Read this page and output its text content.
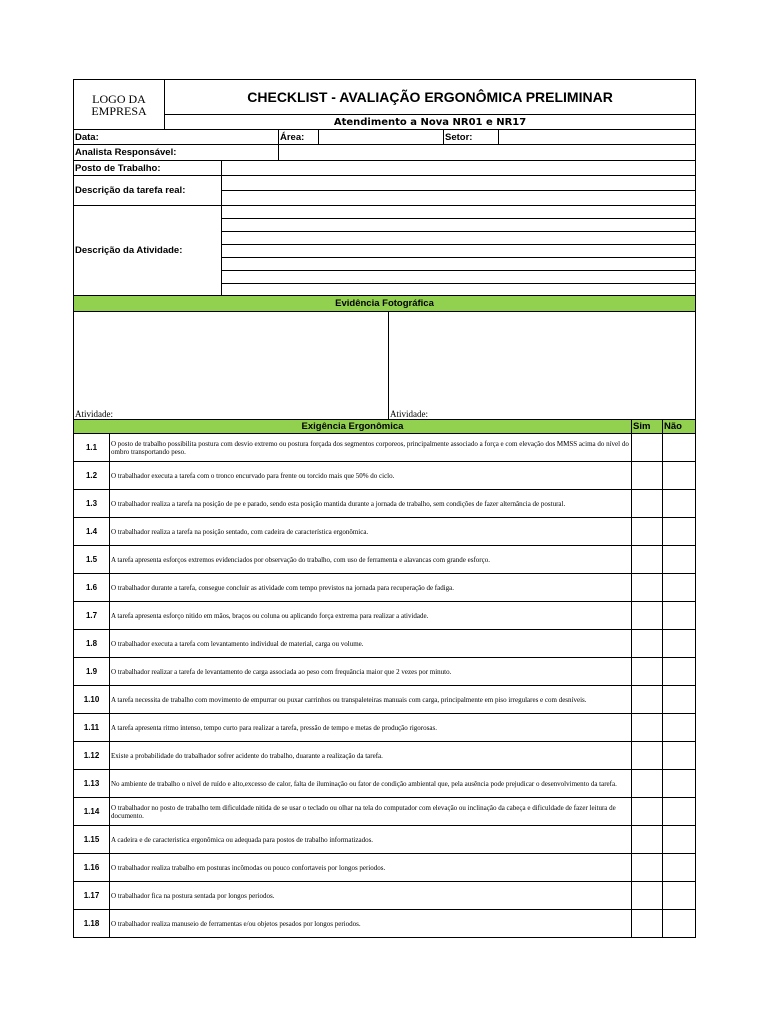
LOGO DA
EMPRESA	CHECKLIST - AVALIAÇÃO ERGONÔMICA PRELIMINAR				
	Atendimento a Nova NR01 e NR17				
Data:		Área:		Setor:	
Analista Responsável:					
Posto de Trabalho:	
Descrição da tarefa real:	

Descrição da Atividade:	

Evidência Fotográfica
Atividade:	Atividade:
Exigência Ergonômica		Sim	Não
1.1	O posto de trabalho possibilita postura com desvio extremo ou postura forçada dos segmentos corporeos, principalmente associado a força e com elevação dos MMSS acima do nível do ombro transportando peso.		
1.2	O trabalhador executa a tarefa com o tronco encurvado para frente ou torcido mais que 50% do ciclo.		
1.3	O trabalhador realiza a tarefa na posição de pe e parado, sendo esta posição mantida durante a jornada de trabalho, sem condições de fazer alternância de postural.		
1.4	O trabalhador realiza a tarefa na posição sentado, com cadeira de característica ergonômica.		
1.5	A tarefa apresenta esforços extremos evidenciados por observação do trabalho, com uso de ferramenta e alavancas com grande esforço.		
1.6	O trabalhador durante a tarefa, consegue concluir as atividade com tempo previstos na jornada para recuperação de fadiga.		
1.7	A tarefa apresenta esforço nitido em mãos, braços ou coluna ou aplicando força extrema para realizar a atividade.		
1.8	O trabalhador executa a tarefa com levantamento individual de material, carga ou volume.		
1.9	O trabalhador realizar a tarefa de levantamento de carga associada ao peso com frequância maior que 2 vezes por minuto.		
1.10	A tarefa necessita de trabalho com movimento de empurrar ou puxar carrinhos ou transpaleteiras manuais com carga, principalmente em piso irregulares e com desníveis.		
1.11	A tarefa apresenta ritmo intenso, tempo curto para realizar a tarefa, pressão de tempo e metas de produção rigorosas.		
1.12	Existe a probabilidade do trabalhador sofrer acidente do trabalho, duarante a realização da tarefa.		
1.13	No ambiente de trabalho o nível de ruído e alto,excesso de calor, falta de iluminação ou fator de condição ambiental que, pela ausência pode prejudicar o desenvolvimento da tarefa.		
1.14	O trabalhador no posto de trabalho tem dificuldade nitida de se usar o teclado ou olhar na tela do computador com elevação ou inclinação da cabeça e dificuldade de fazer leitura de documento.		
1.15	A cadeira e de caracteristica ergonômica ou adequada para postos de trabalho informatizados.		
1.16	O trabalhador realiza trabalho em posturas incômodas ou pouco confortaveis por longos periodos.		
1.17	O trabalhador fica na postura sentada por longos periodos.		
1.18	O trabalhador realiza manuseio de ferramentas e/ou objetos pesados por longos periodos.		
